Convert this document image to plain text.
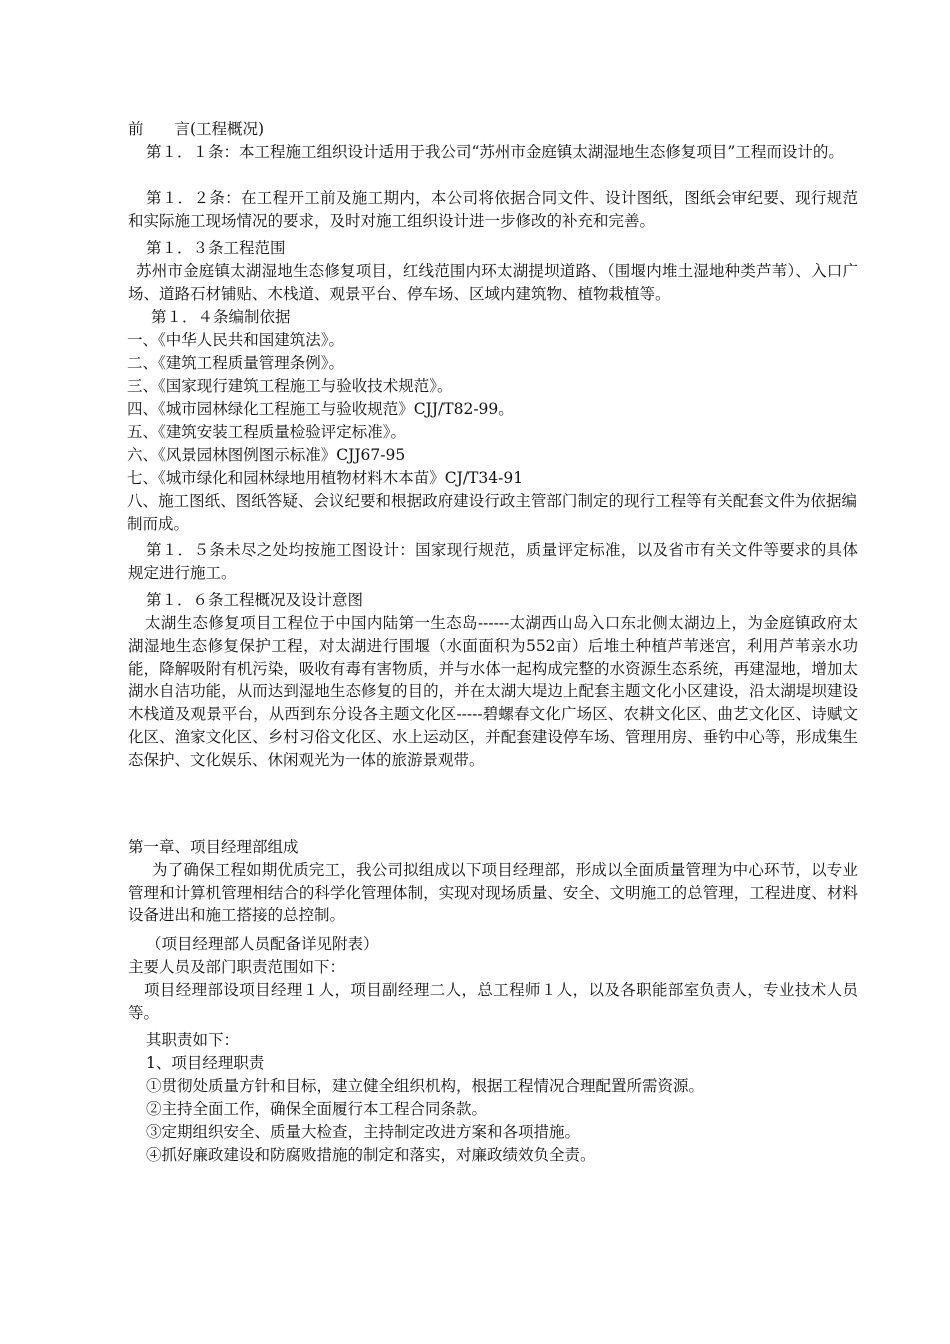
前　　言(工程概况)

第１．１条：本工程施工组织设计适用于我公司“苏州市金庭镇太湖湿地生态修复项目”工程而设计的。

第１．２条：在工程开工前及施工期内，本公司将依据合同文件、设计图纸，图纸会审纪要、现行规范和实际施工现场情况的要求，及时对施工组织设计进一步修改的补充和完善。

第１．３条工程范围

苏州市金庭镇太湖湿地生态修复项目，红线范围内环太湖提坝道路、（围堰内堆土湿地种类芦苇）、入口广场、道路石材铺贴、木栈道、观景平台、停车场、区域内建筑物、植物栽植等。

第１．４条编制依据

一、《中华人民共和国建筑法》。

二、《建筑工程质量管理条例》。

三、《国家现行建筑工程施工与验收技术规范》。

四、《城市园林绿化工程施工与验收规范》CJJ/T82-99。

五、《建筑安装工程质量检验评定标准》。

六、《风景园林图例图示标准》CJJ67-95

七、《城市绿化和园林绿地用植物材料木本苗》CJ/T34-91

八、施工图纸、图纸答疑、会议纪要和根据政府建设行政主管部门制定的现行工程等有关配套文件为依据编制而成。

第１．５条未尽之处均按施工图设计：国家现行规范，质量评定标准，以及省市有关文件等要求的具体规定进行施工。

第１．６条工程概况及设计意图

太湖生态修复项目工程位于中国内陆第一生态岛------太湖西山岛入口东北侧太湖边上，为金庭镇政府太湖湿地生态修复保护工程，对太湖进行围堰（水面面积为552亩）后堆土种植芦苇迷宫，利用芦苇亲水功能，降解吸附有机污染，吸收有毒有害物质，并与水体一起构成完整的水资源生态系统，再建湿地，增加太湖水自洁功能，从而达到湿地生态修复的目的，并在太湖大堤边上配套主题文化小区建设，沿太湖堤坝建设木栈道及观景平台，从西到东分设各主题文化区-----碧螺春文化广场区、农耕文化区、曲艺文化区、诗赋文化区、渔家文化区、乡村习俗文化区、水上运动区，并配套建设停车场、管理用房、垂钓中心等，形成集生态保护、文化娱乐、休闲观光为一体的旅游景观带。

第一章、项目经理部组成

为了确保工程如期优质完工，我公司拟组成以下项目经理部，形成以全面质量管理为中心环节，以专业管理和计算机管理相结合的科学化管理体制，实现对现场质量、安全、文明施工的总管理，工程进度、材料设备进出和施工搭接的总控制。

（项目经理部人员配备详见附表）

主要人员及部门职责范围如下：

项目经理部设项目经理１人，项目副经理二人，总工程师１人，以及各职能部室负责人，专业技术人员等。

其职责如下：

1、项目经理职责

①贯彻处质量方针和目标，建立健全组织机构，根据工程情况合理配置所需资源。

②主持全面工作，确保全面履行本工程合同条款。

③定期组织安全、质量大检查，主持制定改进方案和各项措施。

④抓好廉政建设和防腐败措施的制定和落实，对廉政绩效负全责。
